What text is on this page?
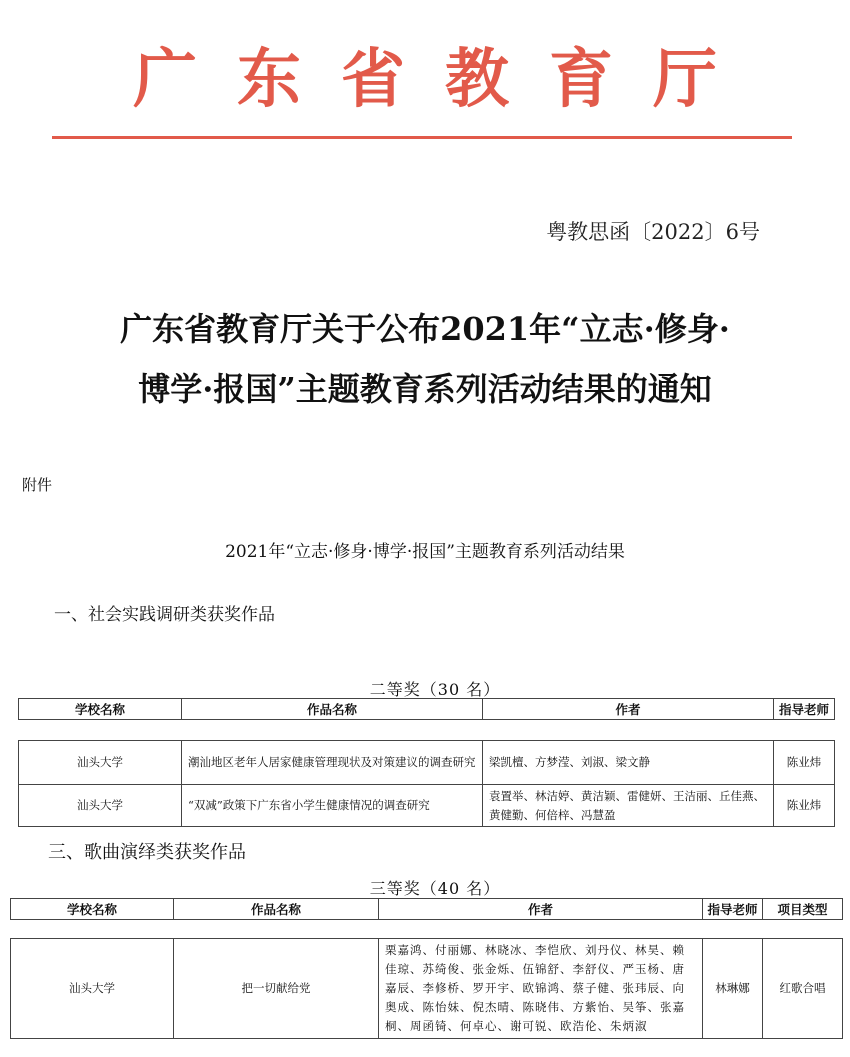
广东省教育厅
粤教思函〔2022〕6号
广东省教育厅关于公布2021年“立志·修身·
博学·报国”主题教育系列活动结果的通知
附件
2021年“立志·修身·博学·报国”主题教育系列活动结果
一、社会实践调研类获奖作品
二等奖（30 名）
学校名称	作品名称	作者	指导老师
汕头大学	潮汕地区老年人居家健康管理现状及对策建议的调查研究	梁凯檀、方梦滢、刘淑、梁文静	陈业炜
汕头大学	“双减”政策下广东省小学生健康情况的调查研究	袁置举、林洁婷、黄洁颖、雷健妍、王洁丽、丘佳燕、黄健勤、何倍梓、冯慧盈	陈业炜
三、歌曲演绎类获奖作品
三等奖（40 名）
学校名称	作品名称	作者	指导老师	项目类型
汕头大学	把一切献给党	栗嘉鸿、付丽娜、林晓冰、李恺欣、刘丹仪、林昊、赖佳琼、苏绮俊、张金烁、伍锦舒、李舒仪、严玉杨、唐嘉辰、李修桥、罗开宇、欧锦鸿、蔡子健、张玮辰、向奥成、陈怡妹、倪杰晴、陈晓伟、方紫怡、吴筝、张嘉桐、周函锜、何卓心、谢可锐、欧浩伦、朱炳淑	林琳娜	红歌合唱
